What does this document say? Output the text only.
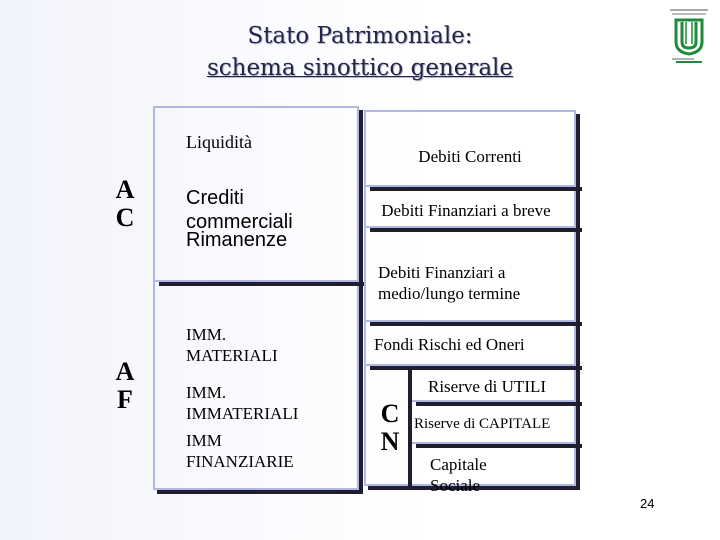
Stato Patrimoniale:
schema sinottico generale
A
C
A
F
Liquidità
Crediti
commerciali
Rimanenze
IMM.
MATERIALI
IMM.
IMMATERIALI
IMM
FINANZIARIE
Debiti Correnti
Debiti Finanziari a breve
Debiti Finanziari a
medio/lungo termine
Fondi Rischi ed Oneri
C
N
Riserve di UTILI
Riserve di CAPITALE
Capitale
Sociale
24
